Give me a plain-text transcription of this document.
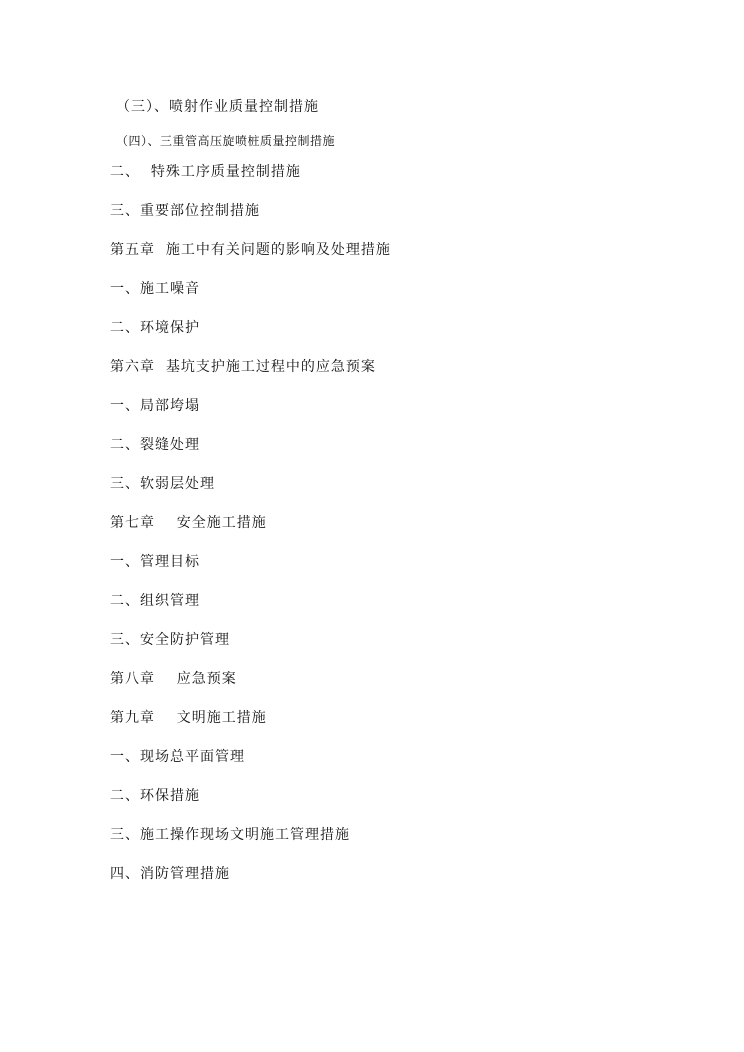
（三）、喷射作业质量控制措施
（四）、三重管高压旋喷桩质量控制措施
二、  特殊工序质量控制措施
三、重要部位控制措施
第五章  施工中有关问题的影响及处理措施
一、施工噪音
二、环境保护
第六章  基坑支护施工过程中的应急预案
一、局部垮塌
二、裂缝处理
三、软弱层处理
第七章    安全施工措施
一、管理目标
二、组织管理
三、安全防护管理
第八章    应急预案
第九章    文明施工措施
一、现场总平面管理
二、环保措施
三、施工操作现场文明施工管理措施
四、消防管理措施
